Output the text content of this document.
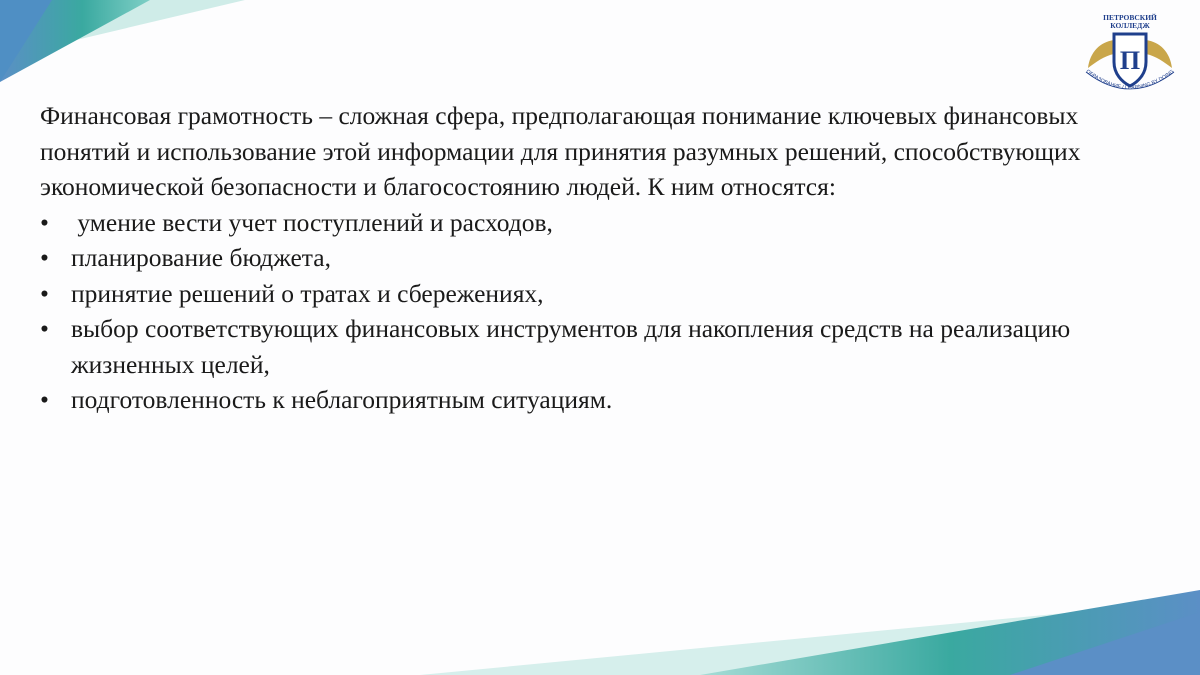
ПЕТРОВСКИЙ
КОЛЛЕДЖ
П
ОБРАЗОВАНИЕ / LEARNING BY DOING

Финансовая грамотность – сложная сфера, предполагающая понимание ключевых финансовых понятий и использование этой информации для принятия разумных решений, способствующих экономической безопасности и благосостоянию людей. К ним относятся:

• умение вести учет поступлений и расходов,
• планирование бюджета,
• принятие решений о тратах и сбережениях,
• выбор соответствующих финансовых инструментов для накопления средств на реализацию жизненных целей,
• подготовленность к неблагоприятным ситуациям.
